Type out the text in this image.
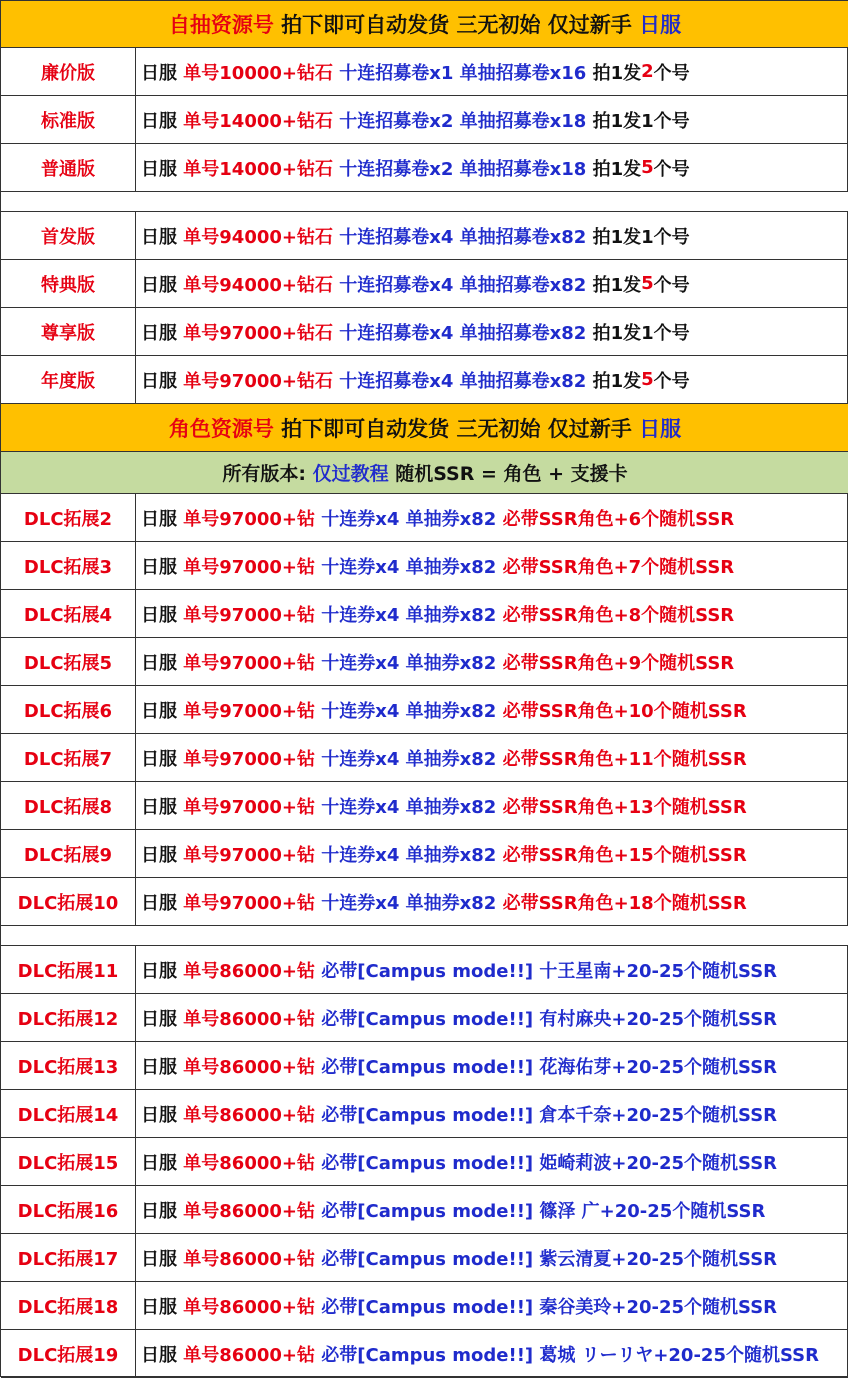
自抽资源号 拍下即可自动发货 三无初始 仅过新手 日服
廉价版	日服 单号10000+钻石 十连招募卷x1 单抽招募卷x16 拍1发 2 个号
标准版	日服 单号14000+钻石 十连招募卷x2 单抽招募卷x18 拍1发1个号
普通版	日服 单号14000+钻石 十连招募卷x2 单抽招募卷x18 拍1发 5 个号
首发版	日服 单号94000+钻石 十连招募卷x4 单抽招募卷x82 拍1发1个号
特典版	日服 单号94000+钻石 十连招募卷x4 单抽招募卷x82 拍1发 5 个号
尊享版	日服 单号97000+钻石 十连招募卷x4 单抽招募卷x82 拍1发1个号
年度版	日服 单号97000+钻石 十连招募卷x4 单抽招募卷x82 拍1发 5 个号
角色资源号 拍下即可自动发货 三无初始 仅过新手 日服
所有版本: 仅过教程 随机SSR = 角色 + 支援卡
DLC拓展2	日服 单号97000+钻 十连券x4 单抽券x82 必带SSR角色+6个随机SSR
DLC拓展3	日服 单号97000+钻 十连券x4 单抽券x82 必带SSR角色+7个随机SSR
DLC拓展4	日服 单号97000+钻 十连券x4 单抽券x82 必带SSR角色+8个随机SSR
DLC拓展5	日服 单号97000+钻 十连券x4 单抽券x82 必带SSR角色+9个随机SSR
DLC拓展6	日服 单号97000+钻 十连券x4 单抽券x82 必带SSR角色+10个随机SSR
DLC拓展7	日服 单号97000+钻 十连券x4 单抽券x82 必带SSR角色+11个随机SSR
DLC拓展8	日服 单号97000+钻 十连券x4 单抽券x82 必带SSR角色+13个随机SSR
DLC拓展9	日服 单号97000+钻 十连券x4 单抽券x82 必带SSR角色+15个随机SSR
DLC拓展10	日服 单号97000+钻 十连券x4 单抽券x82 必带SSR角色+18个随机SSR
DLC拓展11	日服 单号86000+钻 必带[Campus mode!!] 十王星南+20-25个随机SSR
DLC拓展12	日服 单号86000+钻 必带[Campus mode!!] 有村麻央+20-25个随机SSR
DLC拓展13	日服 单号86000+钻 必带[Campus mode!!] 花海佑芽+20-25个随机SSR
DLC拓展14	日服 单号86000+钻 必带[Campus mode!!] 倉本千奈+20-25个随机SSR
DLC拓展15	日服 单号86000+钻 必带[Campus mode!!] 姫崎莉波+20-25个随机SSR
DLC拓展16	日服 单号86000+钻 必带[Campus mode!!] 篠泽 广+20-25个随机SSR
DLC拓展17	日服 单号86000+钻 必带[Campus mode!!] 紫云清夏+20-25个随机SSR
DLC拓展18	日服 单号86000+钻 必带[Campus mode!!] 秦谷美玲+20-25个随机SSR
DLC拓展19	日服 单号86000+钻 必带[Campus mode!!] 葛城 リーリヤ+20-25个随机SSR
